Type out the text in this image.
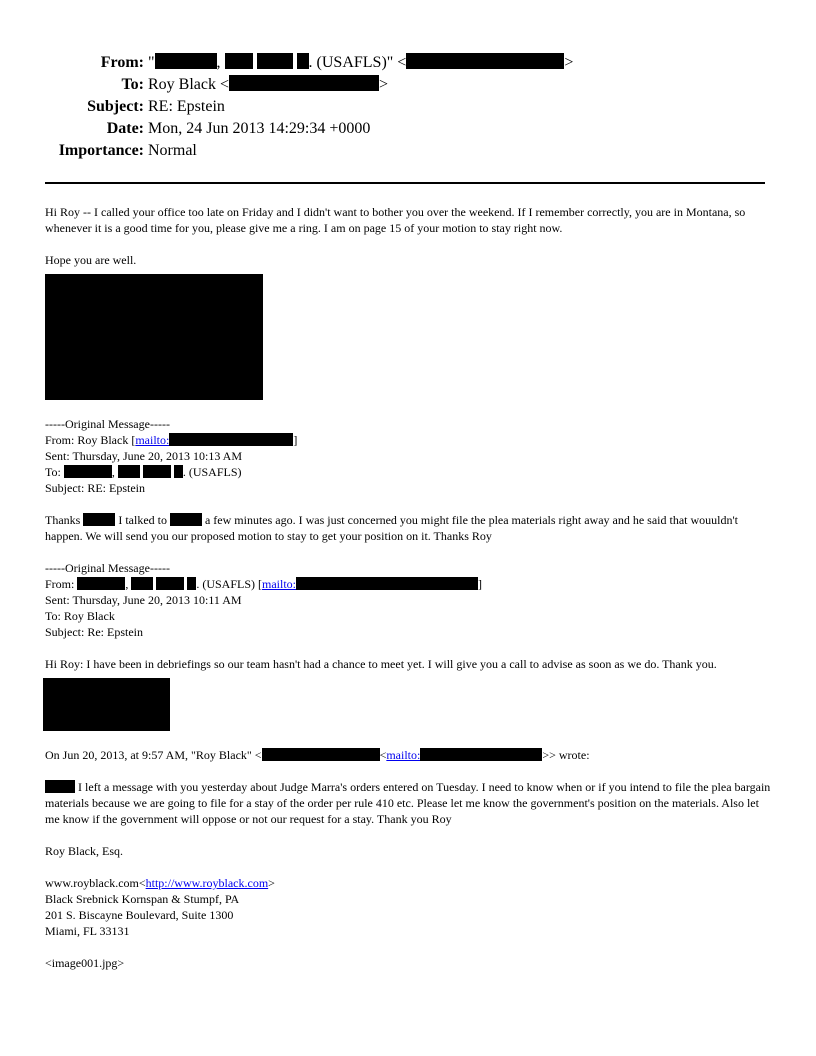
From: "	,	. (USAFLS)" <	>
To: Roy Black <	>
Subject: RE: Epstein
Date: Mon, 24 Jun 2013 14:29:34 +0000
Importance: Normal

Hi Roy -- I called your office too late on Friday and I didn't want to bother you over the weekend. If I remember correctly, you are in Montana, so whenever it is a good time for you, please give me a ring. I am on page 15 of your motion to stay right now.

Hope you are well.

-----Original Message-----

From: Roy Black [mailto:	]

Sent: Thursday, June 20, 2013 10:13 AM

To:	,	. (USAFLS)

Subject: RE: Epstein

Thanks	I talked to	a few minutes ago. I was just concerned you might file the plea materials right away and he said that wouuldn't happen. We will send you our proposed motion to stay to get your position on it. Thanks Roy

-----Original Message-----

From:	,	. (USAFLS) [mailto:	]

Sent: Thursday, June 20, 2013 10:11 AM

To: Roy Black

Subject: Re: Epstein

Hi Roy: I have been in debriefings so our team hasn't had a chance to meet yet. I will give you a call to advise as soon as we do. Thank you.

On Jun 20, 2013, at 9:57 AM, "Roy Black" <	<mailto:	>> wrote:

I left a message with you yesterday about Judge Marra's orders entered on Tuesday. I need to know when or if you intend to file the plea bargain materials because we are going to file for a stay of the order per rule 410 etc. Please let me know the government's position on the materials. Also let me know if the government will oppose or not our request for a stay. Thank you Roy

Roy Black, Esq.

www.royblack.com<http://www.royblack.com>

Black Srebnick Kornspan & Stumpf, PA

201 S. Biscayne Boulevard, Suite 1300

Miami, FL 33131

<image001.jpg>
